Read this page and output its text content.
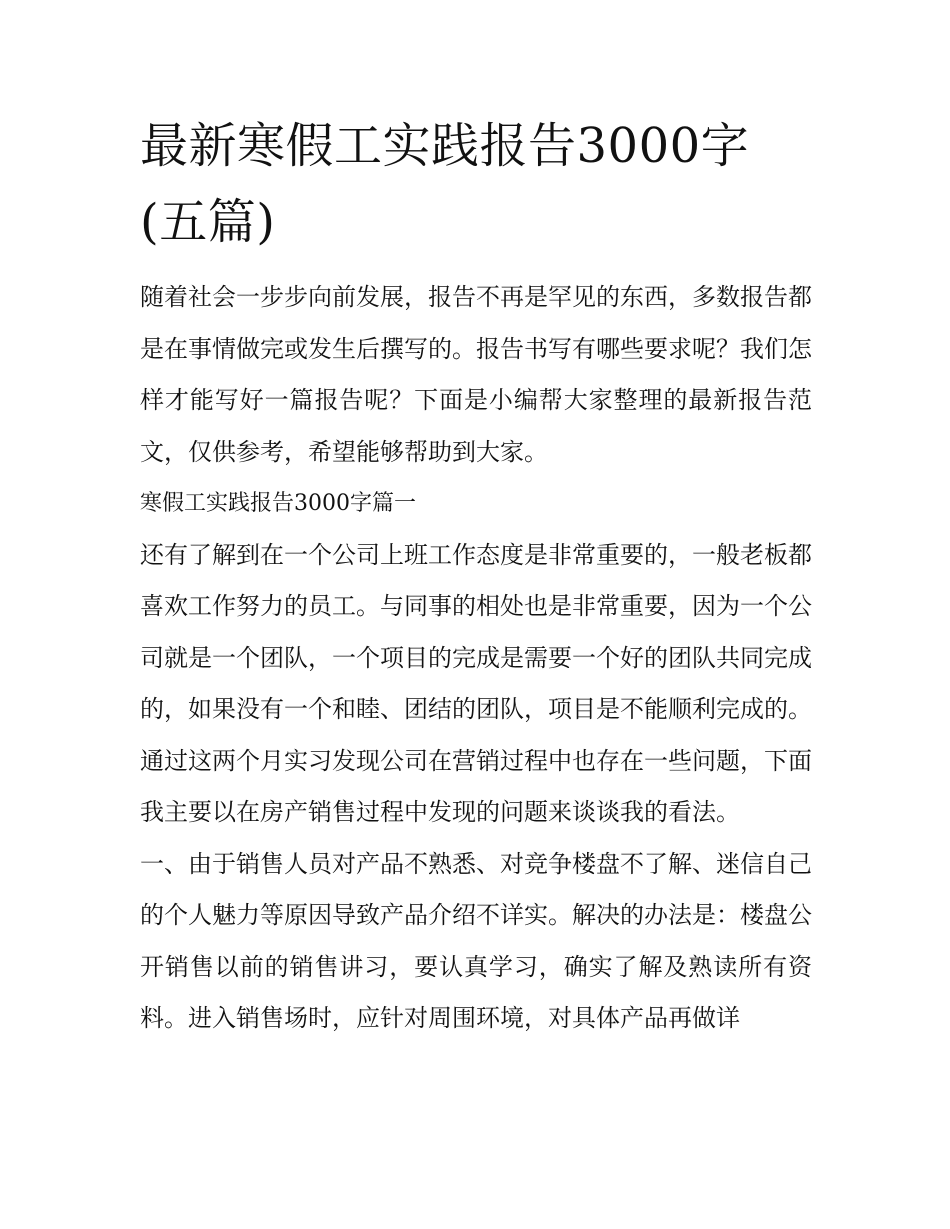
最新寒假工实践报告3000字(五篇)

随着社会一步步向前发展，报告不再是罕见的东西，多数报告都是在事情做完或发生后撰写的。报告书写有哪些要求呢？我们怎样才能写好一篇报告呢？下面是小编帮大家整理的最新报告范文，仅供参考，希望能够帮助到大家。

寒假工实践报告3000字篇一

还有了解到在一个公司上班工作态度是非常重要的，一般老板都喜欢工作努力的员工。与同事的相处也是非常重要，因为一个公司就是一个团队，一个项目的完成是需要一个好的团队共同完成的，如果没有一个和睦、团结的团队，项目是不能顺利完成的。通过这两个月实习发现公司在营销过程中也存在一些问题，下面我主要以在房产销售过程中发现的问题来谈谈我的看法。

一、由于销售人员对产品不熟悉、对竞争楼盘不了解、迷信自己的个人魅力等原因导致产品介绍不详实。解决的办法是：楼盘公开销售以前的销售讲习，要认真学习，确实了解及熟读所有资料。进入销售场时，应针对周围环境，对具体产品再做详
